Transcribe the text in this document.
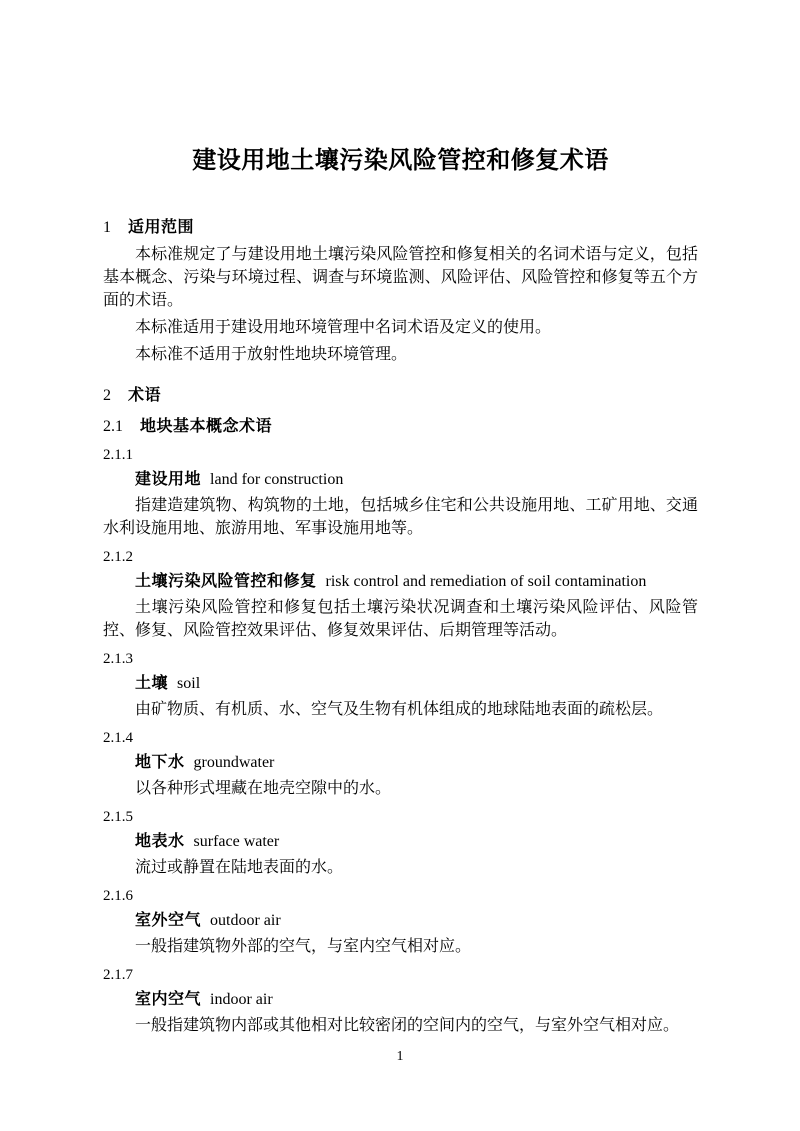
建设用地土壤污染风险管控和修复术语
1 适用范围

本标准规定了与建设用地土壤污染风险管控和修复相关的名词术语与定义，包括基本概念、污染与环境过程、调查与环境监测、风险评估、风险管控和修复等五个方面的术语。

本标准适用于建设用地环境管理中名词术语及定义的使用。

本标准不适用于放射性地块环境管理。

2 术语
2.1 地块基本概念术语
2.1.1
建设用地 land for construction

指建造建筑物、构筑物的土地，包括城乡住宅和公共设施用地、工矿用地、交通水利设施用地、旅游用地、军事设施用地等。

2.1.2
土壤污染风险管控和修复 risk control and remediation of soil contamination

土壤污染风险管控和修复包括土壤污染状况调查和土壤污染风险评估、风险管控、修复、风险管控效果评估、修复效果评估、后期管理等活动。

2.1.3
土壤 soil

由矿物质、有机质、水、空气及生物有机体组成的地球陆地表面的疏松层。

2.1.4
地下水 groundwater

以各种形式埋藏在地壳空隙中的水。

2.1.5
地表水 surface water

流过或静置在陆地表面的水。

2.1.6
室外空气 outdoor air

一般指建筑物外部的空气，与室内空气相对应。

2.1.7
室内空气 indoor air

一般指建筑物内部或其他相对比较密闭的空间内的空气，与室外空气相对应。

1
